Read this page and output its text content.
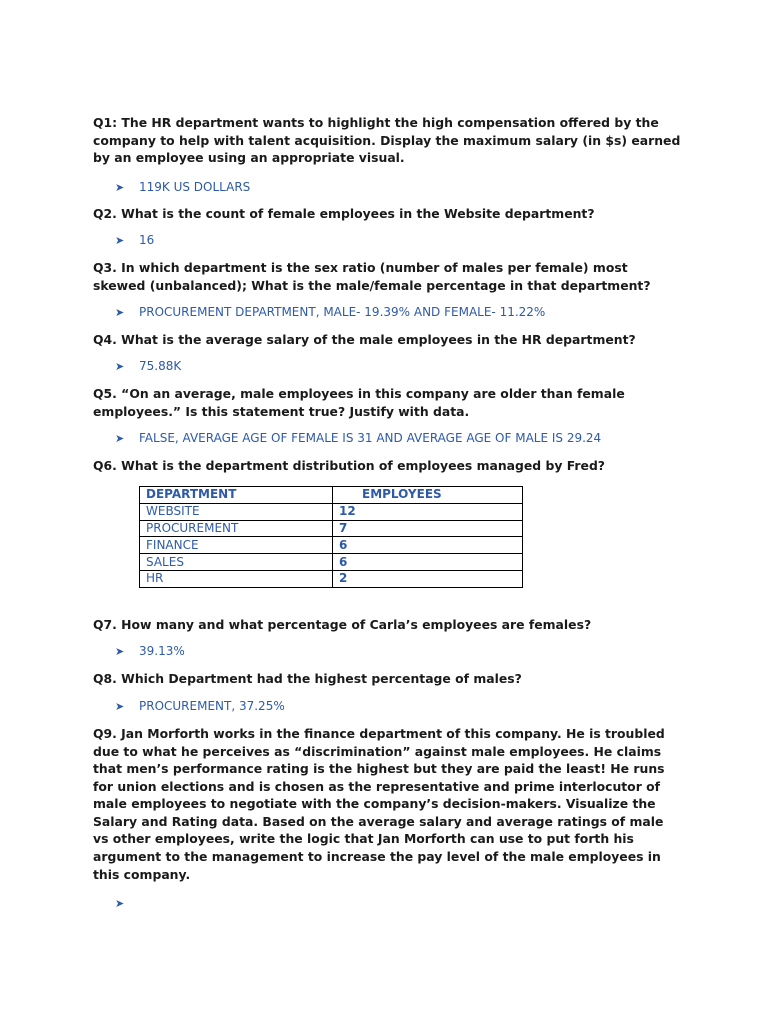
Q1: The HR department wants to highlight the high compensation offered by the company to help with talent acquisition. Display the maximum salary (in $s) earned by an employee using an appropriate visual.

➤ 119K US DOLLARS

Q2. What is the count of female employees in the Website department?

➤ 16

Q3. In which department is the sex ratio (number of males per female) most skewed (unbalanced); What is the male/female percentage in that department?

➤ PROCUREMENT DEPARTMENT, MALE- 19.39% AND FEMALE- 11.22%

Q4. What is the average salary of the male employees in the HR department?

➤ 75.88K

Q5. “On an average, male employees in this company are older than female employees.” Is this statement true? Justify with data.

➤ FALSE, AVERAGE AGE OF FEMALE IS 31 AND AVERAGE AGE OF MALE IS 29.24

Q6. What is the department distribution of employees managed by Fred?

DEPARTMENT	EMPLOYEES
WEBSITE	12
PROCUREMENT	7
FINANCE	6
SALES	6
HR	2

Q7. How many and what percentage of Carla’s employees are females?

➤ 39.13%

Q8. Which Department had the highest percentage of males?

➤ PROCUREMENT, 37.25%

Q9. Jan Morforth works in the finance department of this company. He is troubled due to what he perceives as “discrimination” against male employees. He claims that men’s performance rating is the highest but they are paid the least! He runs for union elections and is chosen as the representative and prime interlocutor of male employees to negotiate with the company’s decision-makers. Visualize the Salary and Rating data. Based on the average salary and average ratings of male vs other employees, write the logic that Jan Morforth can use to put forth his argument to the management to increase the pay level of the male employees in this company.

➤
